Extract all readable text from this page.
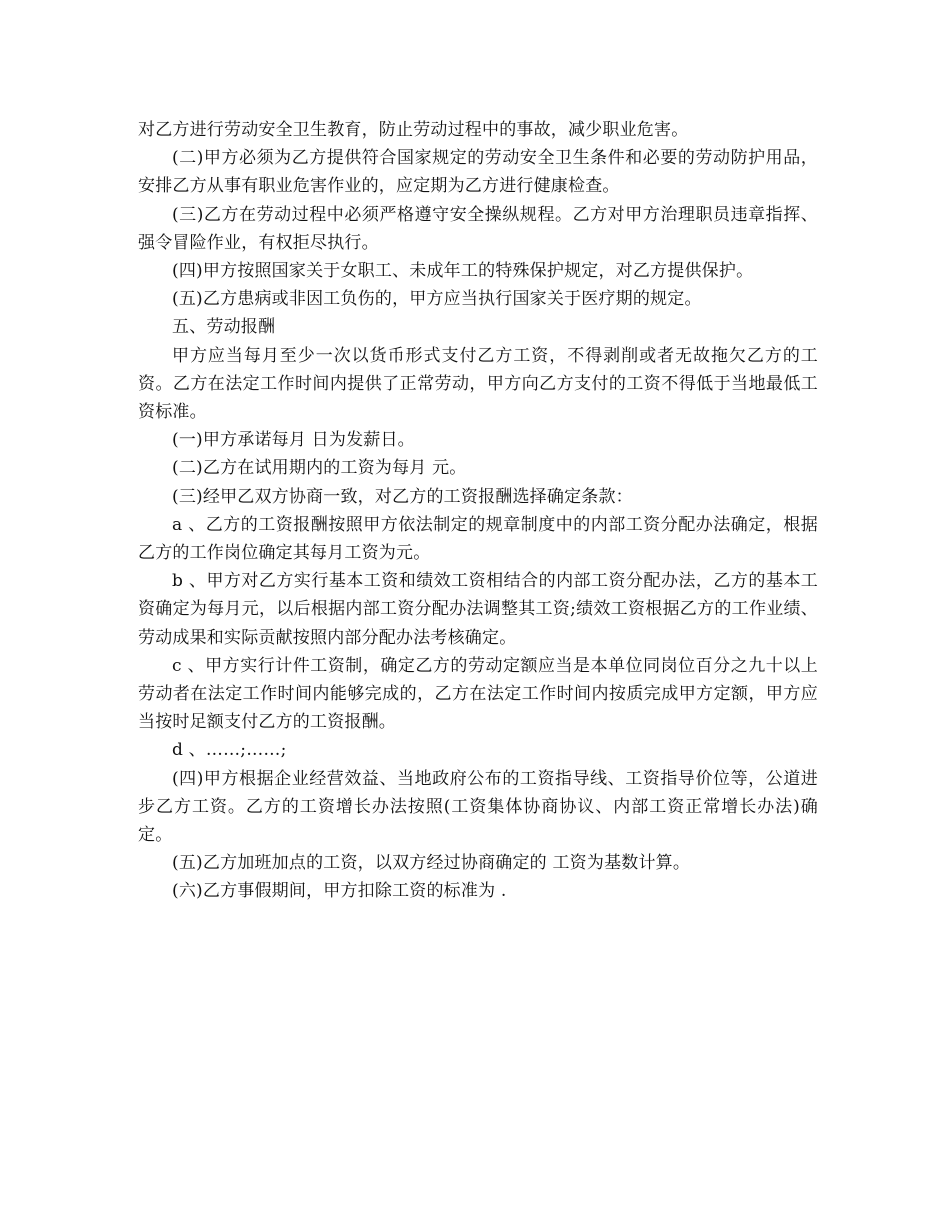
对乙方进行劳动安全卫生教育，防止劳动过程中的事故，减少职业危害。

(二)甲方必须为乙方提供符合国家规定的劳动安全卫生条件和必要的劳动防护用品，安排乙方从事有职业危害作业的，应定期为乙方进行健康检查。

(三)乙方在劳动过程中必须严格遵守安全操纵规程。乙方对甲方治理职员违章指挥、强令冒险作业，有权拒尽执行。

(四)甲方按照国家关于女职工、未成年工的特殊保护规定，对乙方提供保护。

(五)乙方患病或非因工负伤的，甲方应当执行国家关于医疗期的规定。

五、劳动报酬

甲方应当每月至少一次以货币形式支付乙方工资，不得剥削或者无故拖欠乙方的工资。乙方在法定工作时间内提供了正常劳动，甲方向乙方支付的工资不得低于当地最低工资标准。

(一)甲方承诺每月 日为发薪日。

(二)乙方在试用期内的工资为每月 元。

(三)经甲乙双方协商一致，对乙方的工资报酬选择确定条款：

a 、乙方的工资报酬按照甲方依法制定的规章制度中的内部工资分配办法确定，根据乙方的工作岗位确定其每月工资为元。

b 、甲方对乙方实行基本工资和绩效工资相结合的内部工资分配办法，乙方的基本工资确定为每月元，以后根据内部工资分配办法调整其工资;绩效工资根据乙方的工作业绩、劳动成果和实际贡献按照内部分配办法考核确定。

c 、甲方实行计件工资制，确定乙方的劳动定额应当是本单位同岗位百分之九十以上劳动者在法定工作时间内能够完成的，乙方在法定工作时间内按质完成甲方定额，甲方应当按时足额支付乙方的工资报酬。

d 、……;……;

(四)甲方根据企业经营效益、当地政府公布的工资指导线、工资指导价位等，公道进步乙方工资。乙方的工资增长办法按照(工资集体协商协议、内部工资正常增长办法)确定。

(五)乙方加班加点的工资，以双方经过协商确定的 工资为基数计算。

(六)乙方事假期间，甲方扣除工资的标准为 .
